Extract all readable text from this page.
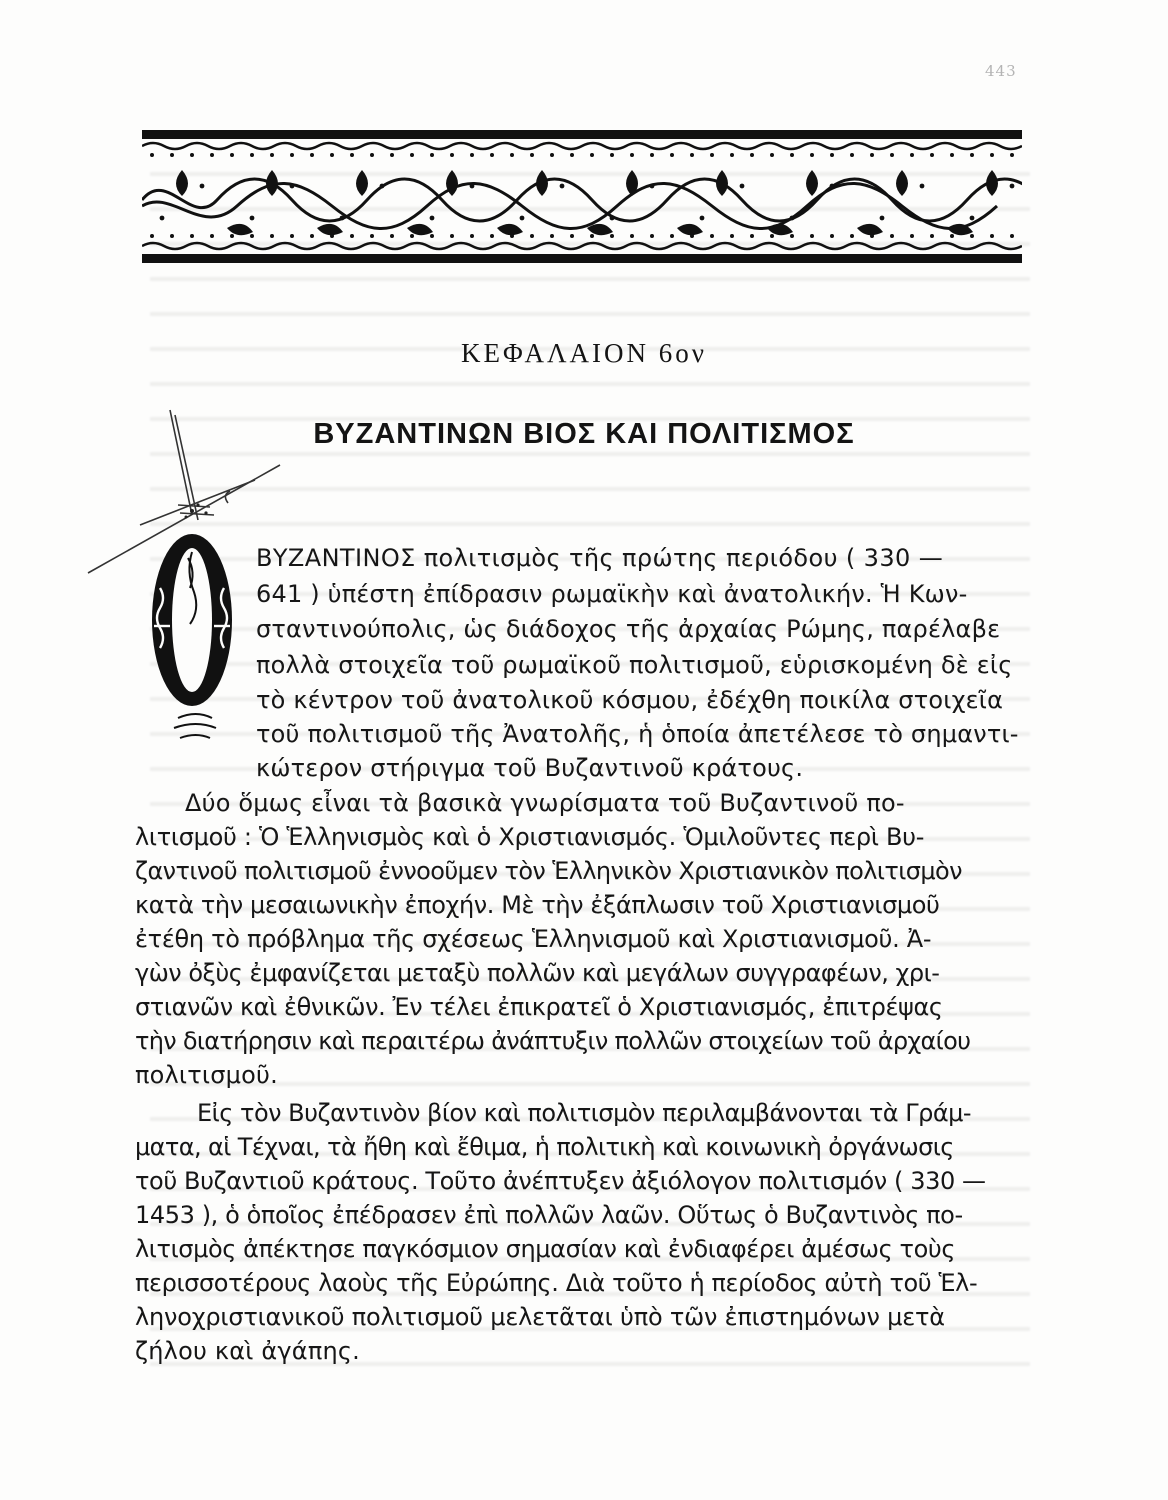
443
ΚΕΦΑΛΑΙΟΝ 6ον
ΒΥΖΑΝΤΙΝΩΝ ΒΙΟΣ ΚΑΙ ΠΟΛΙΤΙΣΜΟΣ
ΒΥΖΑΝΤΙΝΟΣ πολιτισμὸς τῆς πρώτης περιόδου ( 330 —
641 ) ὑπέστη ἐπίδρασιν ρωμαϊκὴν καὶ ἀνατολικήν. Ἡ Κων-
σταντινούπολις, ὡς διάδοχος τῆς ἀρχαίας Ρώμης, παρέλαβε
πολλὰ στοιχεῖα τοῦ ρωμαϊκοῦ πολιτισμοῦ, εὑρισκομένη δὲ εἰς
τὸ κέντρον τοῦ ἀνατολικοῦ κόσμου, ἐδέχθη ποικίλα στοιχεῖα
τοῦ πολιτισμοῦ τῆς Ἀνατολῆς, ἡ ὁποία ἀπετέλεσε τὸ σημαντι-
κώτερον στήριγμα τοῦ Βυζαντινοῦ κράτους.
Δύο ὅμως εἶναι τὰ βασικὰ γνωρίσματα τοῦ Βυζαντινοῦ πο-
λιτισμοῦ : Ὁ Ἑλληνισμὸς καὶ ὁ Χριστιανισμός. Ὁμιλοῦντες περὶ Βυ-
ζαντινοῦ πολιτισμοῦ ἐννοοῦμεν τὸν Ἑλληνικὸν Χριστιανικὸν πολιτισμὸν
κατὰ τὴν μεσαιωνικὴν ἐποχήν. Μὲ τὴν ἐξάπλωσιν τοῦ Χριστιανισμοῦ
ἐτέθη τὸ πρόβλημα τῆς σχέσεως Ἑλληνισμοῦ καὶ Χριστιανισμοῦ. Ἀ-
γὼν ὀξὺς ἐμφανίζεται μεταξὺ πολλῶν καὶ μεγάλων συγγραφέων, χρι-
στιανῶν καὶ ἐθνικῶν. Ἐν τέλει ἐπικρατεῖ ὁ Χριστιανισμός, ἐπιτρέψας
τὴν διατήρησιν καὶ περαιτέρω ἀνάπτυξιν πολλῶν στοιχείων τοῦ ἀρχαίου
πολιτισμοῦ.
Εἰς τὸν Βυζαντινὸν βίον καὶ πολιτισμὸν περιλαμβάνονται τὰ Γράμ-
ματα, αἱ Τέχναι, τὰ ἤθη καὶ ἔθιμα, ἡ πολιτικὴ καὶ κοινωνικὴ ὀργάνωσις
τοῦ Βυζαντιοῦ κράτους. Τοῦτο ἀνέπτυξεν ἀξιόλογον πολιτισμόν ( 330 —
1453 ), ὁ ὁποῖος ἐπέδρασεν ἐπὶ πολλῶν λαῶν. Οὕτως ὁ Βυζαντινὸς πο-
λιτισμὸς ἀπέκτησε παγκόσμιον σημασίαν καὶ ἐνδιαφέρει ἀμέσως τοὺς
περισσοτέρους λαοὺς τῆς Εὐρώπης. Διὰ τοῦτο ἡ περίοδος αὐτὴ τοῦ Ἑλ-
ληνοχριστιανικοῦ πολιτισμοῦ μελετᾶται ὑπὸ τῶν ἐπιστημόνων μετὰ
ζήλου καὶ ἀγάπης.
